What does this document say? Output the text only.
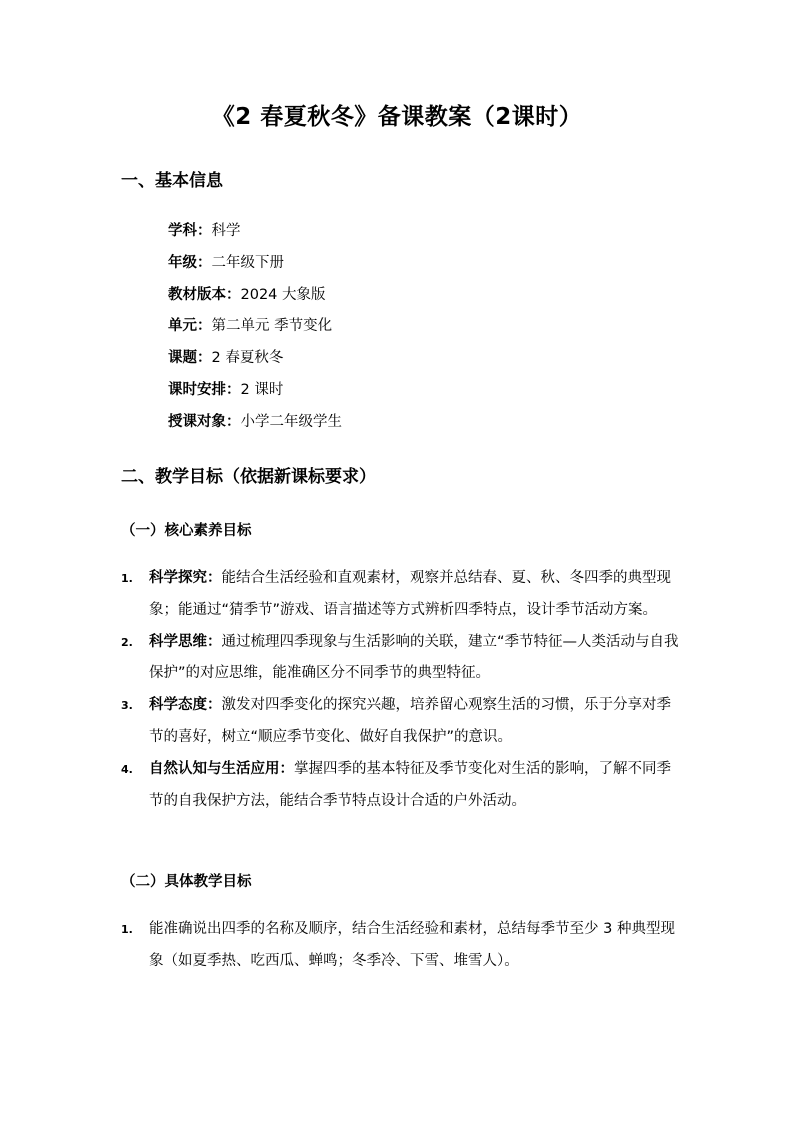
《2 春夏秋冬》备课教案（2课时）
一、基本信息
学科：科学
年级：二年级下册
教材版本：2024 大象版
单元：第二单元 季节变化
课题：2 春夏秋冬
课时安排：2 课时
授课对象：小学二年级学生
二、教学目标（依据新课标要求）
（一）核心素养目标
1. 科学探究：能结合生活经验和直观素材，观察并总结春、夏、秋、冬四季的典型现象；能通过“猜季节”游戏、语言描述等方式辨析四季特点，设计季节活动方案。
2. 科学思维：通过梳理四季现象与生活影响的关联，建立“季节特征—人类活动与自我保护”的对应思维，能准确区分不同季节的典型特征。
3. 科学态度：激发对四季变化的探究兴趣，培养留心观察生活的习惯，乐于分享对季节的喜好，树立“顺应季节变化、做好自我保护”的意识。
4. 自然认知与生活应用：掌握四季的基本特征及季节变化对生活的影响，了解不同季节的自我保护方法，能结合季节特点设计合适的户外活动。
（二）具体教学目标
1. 能准确说出四季的名称及顺序，结合生活经验和素材，总结每季节至少 3 种典型现象（如夏季热、吃西瓜、蝉鸣；冬季冷、下雪、堆雪人）。
